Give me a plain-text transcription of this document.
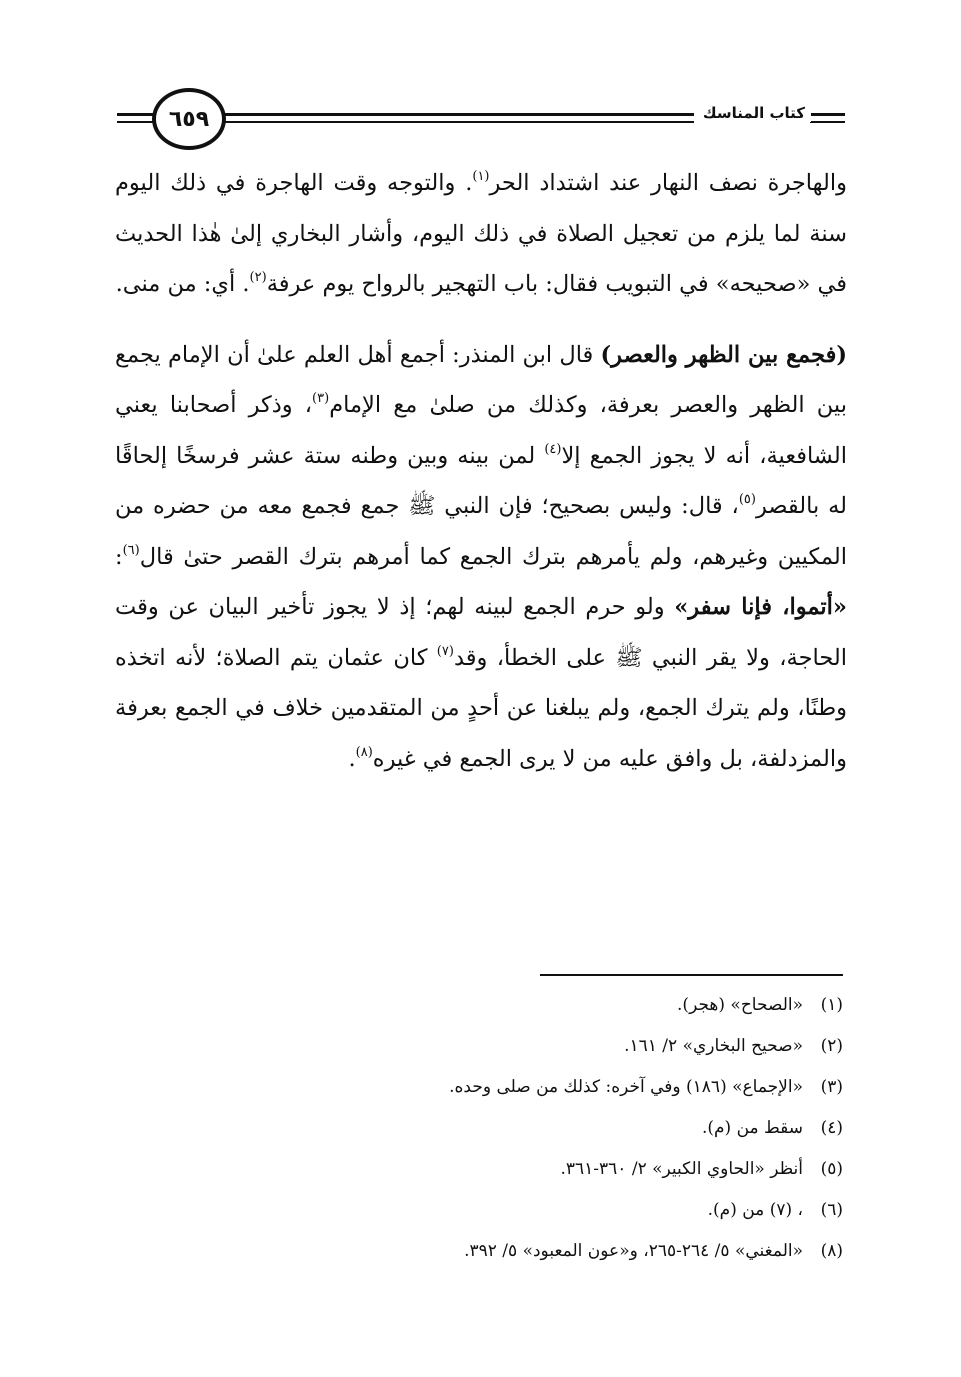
٦٥٩	كتاب المناسك

والهاجرة نصف النهار عند اشتداد الحر$^{(١)}$. والتوجه وقت الهاجرة في ذلك اليوم سنة لما يلزم من تعجيل الصلاة في ذلك اليوم، وأشار البخاري إلىٰ هٰذا الحديث في «صحيحه» في التبويب فقال: باب التهجير بالرواح يوم عرفة$^{(٢)}$. أي: من منى.

(فجمع بين الظهر والعصر) قال ابن المنذر: أجمع أهل العلم علىٰ أن الإمام يجمع بين الظهر والعصر بعرفة، وكذلك من صلىٰ مع الإمام$^{(٣)}$، وذكر أصحابنا يعني الشافعية، أنه لا يجوز الجمع إلا$^{(٤)}$ لمن بينه وبين وطنه ستة عشر فرسخًا إلحاقًا له بالقصر$^{(٥)}$، قال: وليس بصحيح؛ فإن النبي ﷺ جمع فجمع معه من حضره من المكيين وغيرهم، ولم يأمرهم بترك الجمع كما أمرهم بترك القصر حتىٰ قال$^{(٦)}$: «أتموا، فإنا سفر» ولو حرم الجمع لبينه لهم؛ إذ لا يجوز تأخير البيان عن وقت الحاجة، ولا يقر النبي ﷺ على الخطأ، وقد$^{(٧)}$ كان عثمان يتم الصلاة؛ لأنه اتخذه وطنًا، ولم يترك الجمع، ولم يبلغنا عن أحدٍ من المتقدمين خلاف في الجمع بعرفة والمزدلفة، بل وافق عليه من لا يرى الجمع في غيره$^{(٨)}$.

(١)«الصحاح» (هجر).
(٢)«صحيح البخاري» ٢/ ١٦١.
(٣)«الإجماع» (١٨٦) وفي آخره: كذلك من صلى وحده.
(٤)سقط من (م).
(٥)أنظر «الحاوي الكبير» ٢/ ٣٦٠-٣٦١.
(٦)، (٧) من (م).
(٨)«المغني» ٥/ ٢٦٤-٢٦٥، و«عون المعبود» ٥/ ٣٩٢.
